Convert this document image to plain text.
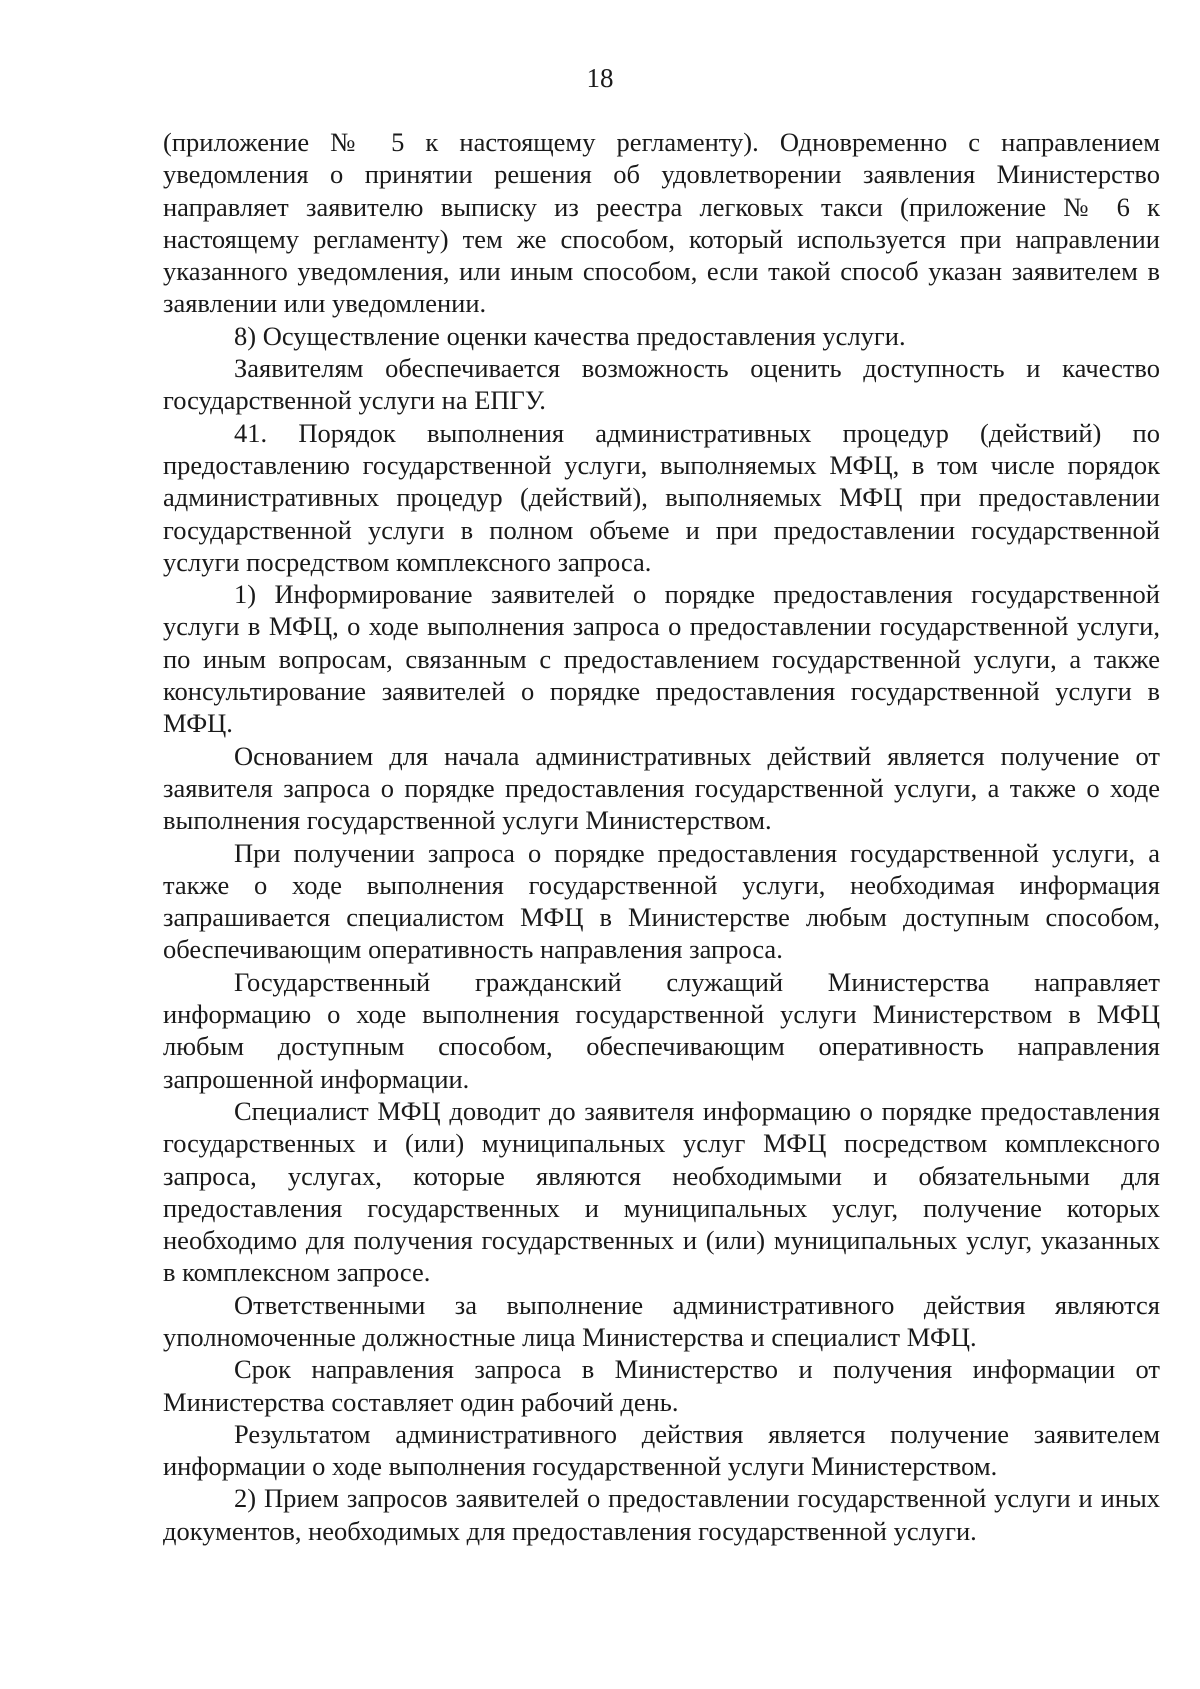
18

(приложение № 5 к настоящему регламенту). Одновременно с направлением уведомления о принятии решения об удовлетворении заявления Министерство направляет заявителю выписку из реестра легковых такси (приложение № 6 к настоящему регламенту) тем же способом, который используется при направлении указанного уведомления, или иным способом, если такой способ указан заявителем в заявлении или уведомлении.

8) Осуществление оценки качества предоставления услуги.

Заявителям обеспечивается возможность оценить доступность и качество государственной услуги на ЕПГУ.

41. Порядок выполнения административных процедур (действий) по предоставлению государственной услуги, выполняемых МФЦ, в том числе порядок административных процедур (действий), выполняемых МФЦ при предоставлении государственной услуги в полном объеме и при предоставлении государственной услуги посредством комплексного запроса.

1) Информирование заявителей о порядке предоставления государственной услуги в МФЦ, о ходе выполнения запроса о предоставлении государственной услуги, по иным вопросам, связанным с предоставлением государственной услуги, а также консультирование заявителей о порядке предоставления государственной услуги в МФЦ.

Основанием для начала административных действий является получение от заявителя запроса о порядке предоставления государственной услуги, а также о ходе выполнения государственной услуги Министерством.

При получении запроса о порядке предоставления государственной услуги, а также о ходе выполнения государственной услуги, необходимая информация запрашивается специалистом МФЦ в Министерстве любым доступным способом, обеспечивающим оперативность направления запроса.

Государственный гражданский служащий Министерства направляет информацию о ходе выполнения государственной услуги Министерством в МФЦ любым доступным способом, обеспечивающим оперативность направления запрошенной информации.

Специалист МФЦ доводит до заявителя информацию о порядке предоставления государственных и (или) муниципальных услуг МФЦ посредством комплексного запроса, услугах, которые являются необходимыми и обязательными для предоставления государственных и муниципальных услуг, получение которых необходимо для получения государственных и (или) муниципальных услуг, указанных в комплексном запросе.

Ответственными за выполнение административного действия являются уполномоченные должностные лица Министерства и специалист МФЦ.

Срок направления запроса в Министерство и получения информации от Министерства составляет один рабочий день.

Результатом административного действия является получение заявителем информации о ходе выполнения государственной услуги Министерством.

2) Прием запросов заявителей о предоставлении государственной услуги и иных документов, необходимых для предоставления государственной услуги.
